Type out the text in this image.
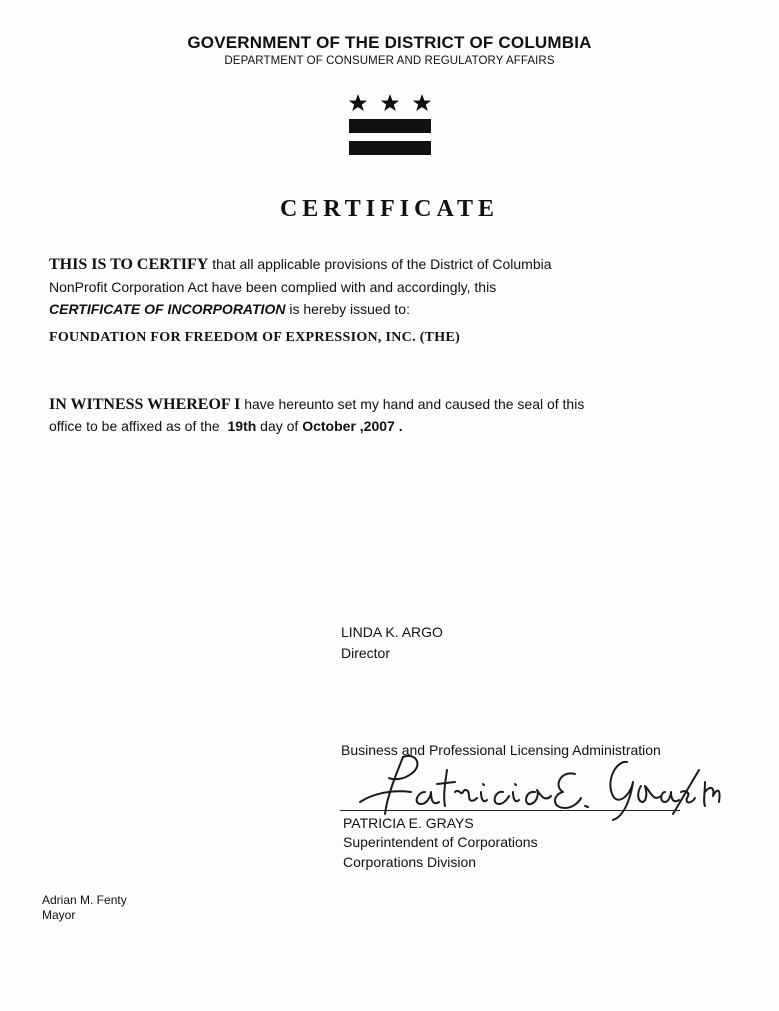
GOVERNMENT OF THE DISTRICT OF COLUMBIA
DEPARTMENT OF CONSUMER AND REGULATORY AFFAIRS
CERTIFICATE
THIS IS TO CERTIFY that all applicable provisions of the District of Columbia
NonProfit Corporation Act have been complied with and accordingly, this
CERTIFICATE OF INCORPORATION is hereby issued to:
FOUNDATION FOR FREEDOM OF EXPRESSION, INC. (THE)
IN WITNESS WHEREOF I have hereunto set my hand and caused the seal of this
office to be affixed as of the  19th day of October ,2007 .
LINDA K. ARGO
Director
Business and Professional Licensing Administration
PATRICIA E. GRAYS
Superintendent of Corporations
Corporations Division
Adrian M. Fenty
Mayor
